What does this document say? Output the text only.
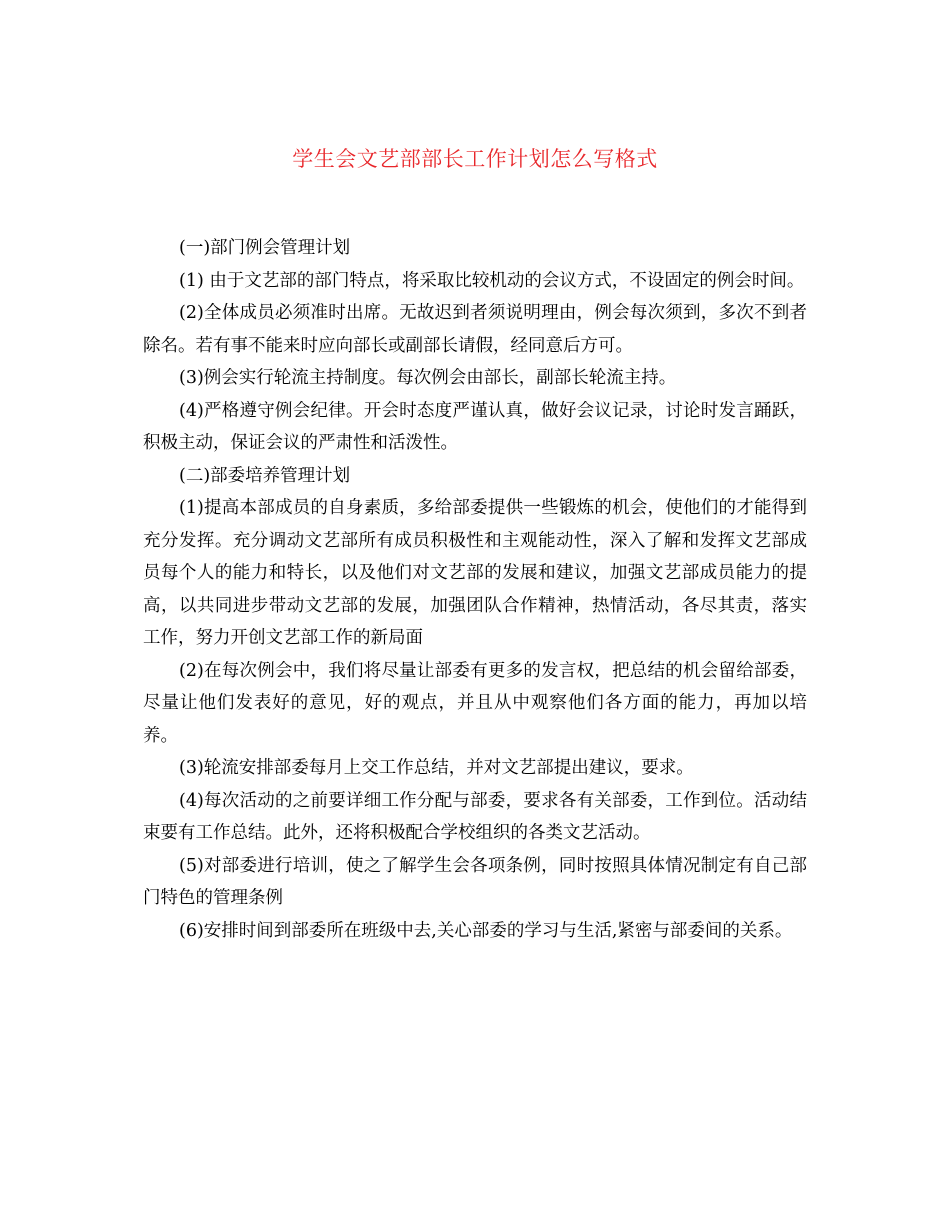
学生会文艺部部长工作计划怎么写格式

(一)部门例会管理计划

(1) 由于文艺部的部门特点，将采取比较机动的会议方式，不设固定的例会时间。

(2)全体成员必须准时出席。无故迟到者须说明理由，例会每次须到，多次不到者除名。若有事不能来时应向部长或副部长请假，经同意后方可。

(3)例会实行轮流主持制度。每次例会由部长，副部长轮流主持。

(4)严格遵守例会纪律。开会时态度严谨认真，做好会议记录，讨论时发言踊跃，积极主动，保证会议的严肃性和活泼性。

(二)部委培养管理计划

(1)提高本部成员的自身素质，多给部委提供一些锻炼的机会，使他们的才能得到充分发挥。充分调动文艺部所有成员积极性和主观能动性，深入了解和发挥文艺部成员每个人的能力和特长，以及他们对文艺部的发展和建议，加强文艺部成员能力的提高，以共同进步带动文艺部的发展，加强团队合作精神，热情活动，各尽其责，落实工作，努力开创文艺部工作的新局面

(2)在每次例会中，我们将尽量让部委有更多的发言权，把总结的机会留给部委，尽量让他们发表好的意见，好的观点，并且从中观察他们各方面的能力，再加以培养。

(3)轮流安排部委每月上交工作总结，并对文艺部提出建议，要求。

(4)每次活动的之前要详细工作分配与部委，要求各有关部委，工作到位。活动结束要有工作总结。此外，还将积极配合学校组织的各类文艺活动。

(5)对部委进行培训，使之了解学生会各项条例，同时按照具体情况制定有自己部门特色的管理条例

(6)安排时间到部委所在班级中去,关心部委的学习与生活,紧密与部委间的关系。
